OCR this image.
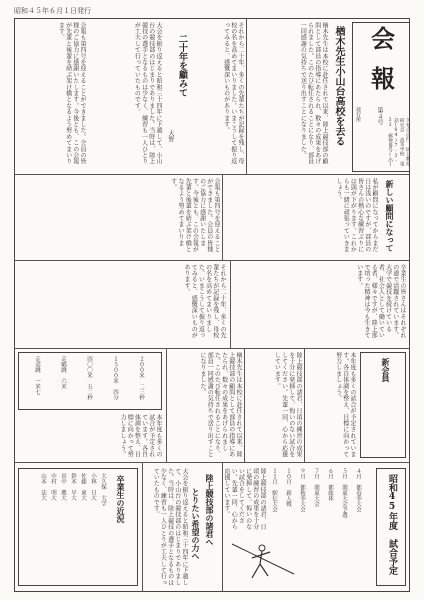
昭和４５年６月１日発行
会
報
第４号
発行所
久寿小山台　同上教育研究会　高等学校　電話(04)7-3-33　郵便番号(出)
楢木先生小山台高校を去る
楢木先生は本校に赴任されて以来、陸上競技部の顧問として部員の指導にあたられ、数々の成果をあげられました。このたび転任されることになり、部員一同感謝の気持ちで送り出すことになりました。
それから二十年、多くの先輩たちが記録を残し、母校の名を高めてまいりました。いまこうして振り返ってみると、感慨深いものがあります。
二十年を顧みて
大野
大会を振り返えると昭和三十四年に下越して、小山台の競技部のはじまりでありました。当時は、陸上競技の選手となるものは少なく、練習も一人ひとりが工夫して行っていたものです。
会報も第四号を迎えることができました。会員の皆様のご協力に感謝いたします。今後とも、この会報が先輩と後輩を結ぶ架け橋となるよう努めてまいります。
新しい顧問になって
私が顧問になってからまだ日は浅いのですが、部員の皆さんの熱心な練習ぶりには頭が下がります。これからも一緒に頑張っていきましょう。
会報も第四号を迎えることができました。会員の皆様のご協力に感謝いたします。今後とも、この会報が先輩と後輩を結ぶ架け橋となるよう努めてまいります。
卒業生の皆さんはそれぞれの道で活躍されています。大学で競技を続けている者、社会人として働いている者、様々ですが、陸上部で培った精神は今も生きています。
それから二十年、多くの先輩たちが記録を残し、母校の名を高めてまいりました。いまこうして振り返ってみると、感慨深いものがあります。
新会員
本年度も多くの試合が予定されています。各自体調を整え、目標に向かって努力しましょう。
陸上競技部の諸君、日頃の練習の成果を十分に発揮して、悔いのない試合をしてください。先輩一同、心から応援しています。
楢木先生は本校に赴任されて以来、陸上競技部の顧問として部員の指導にあたられ、数々の成果をあげられました。このたび転任されることになり、部員一同感謝の気持ちで送り出すことになりました。
２００米　二三秒
１５００米　四分
四〇〇米　五二秒
走幅跳　六米
走高跳　一米七
本年度も多くの試合が予定されています。各自体調を整え、目標に向かって努力しましょう。
昭和45年度　試合予定
４月　都春季大会
５月　関東大会予選
６月　都総体
７月　関東大会
９月　都秋季大会
１０月　新人戦
１１月　駅伝大会
陸上競技部の諸君、日頃の練習の成果を十分に発揮して、悔いのない試合をしてください。先輩一同、心から応援しています。
陸上競技部の諸君へ
とりたい希望の力へ
大会を振り返えると昭和三十四年に下越して、小山台の競技部のはじまりでありました。当時は、陸上競技の選手となるものは少なく、練習も一人ひとりが工夫して行っていたものです。
卒業生の近況
大久保　大学
小林　日大
佐藤　東大
鈴木　早大
田中　慶大
中村　明大
山本　法大
